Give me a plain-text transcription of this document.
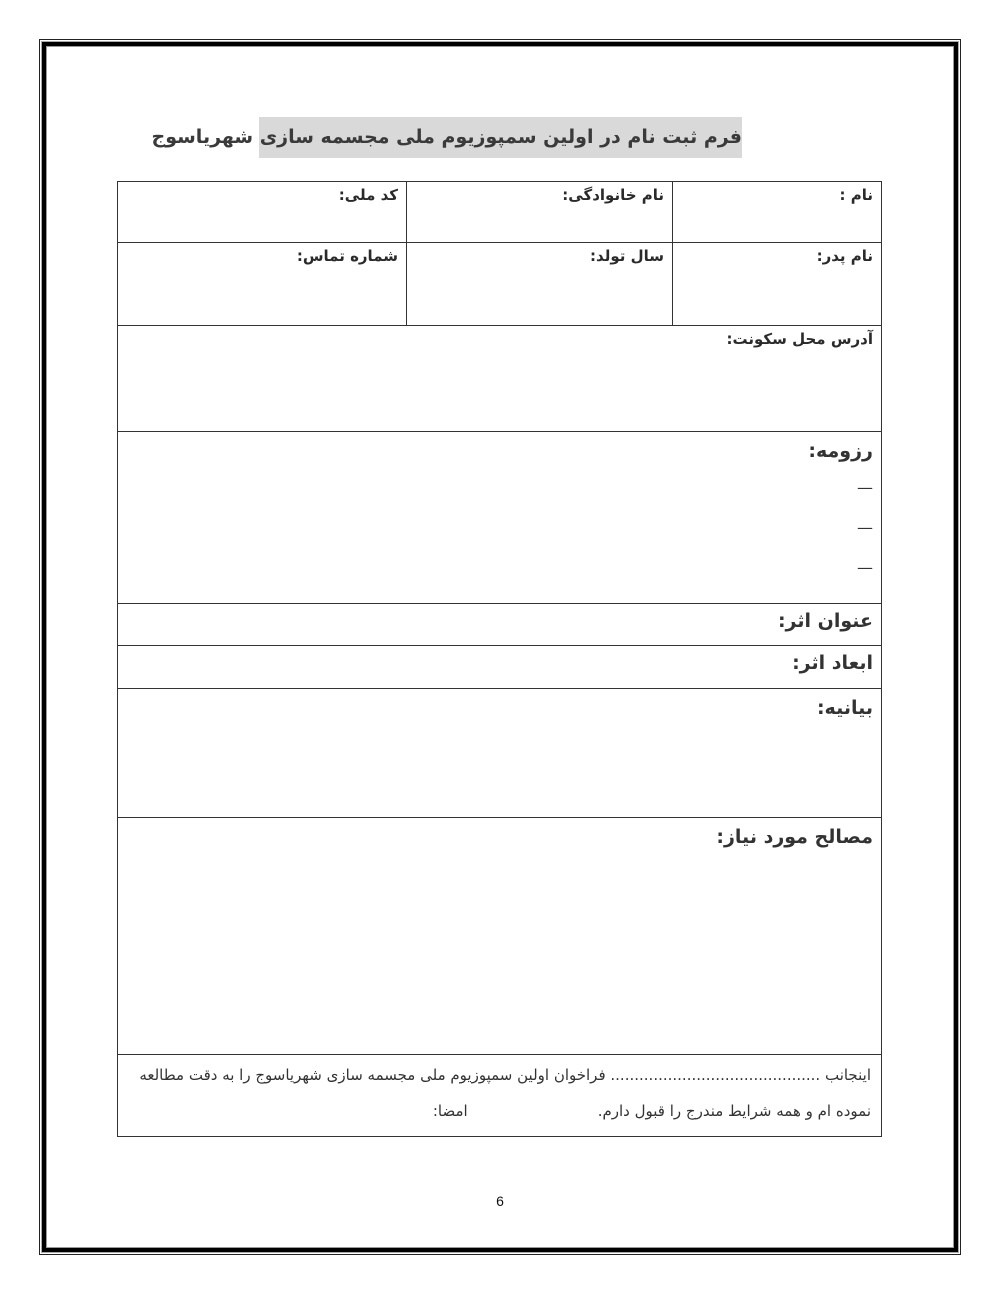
فرم ثبت نام در اولین سمپوزیوم ملی مجسمه سازی شهریاسوج
نام :
نام خانوادگی:
کد ملی:
نام پدر:
سال تولد:
شماره تماس:
آدرس محل سکونت:
رزومه:
—
—
—
عنوان اثر:
ابعاد اثر:
بیانیه:
مصالح مورد نیاز:
اینجانب ............................................ فراخوان اولین سمپوزیوم ملی مجسمه سازی شهریاسوج را به دقت مطالعه
نموده ام و همه شرایط مندرج را قبول دارم.
امضا:
6
